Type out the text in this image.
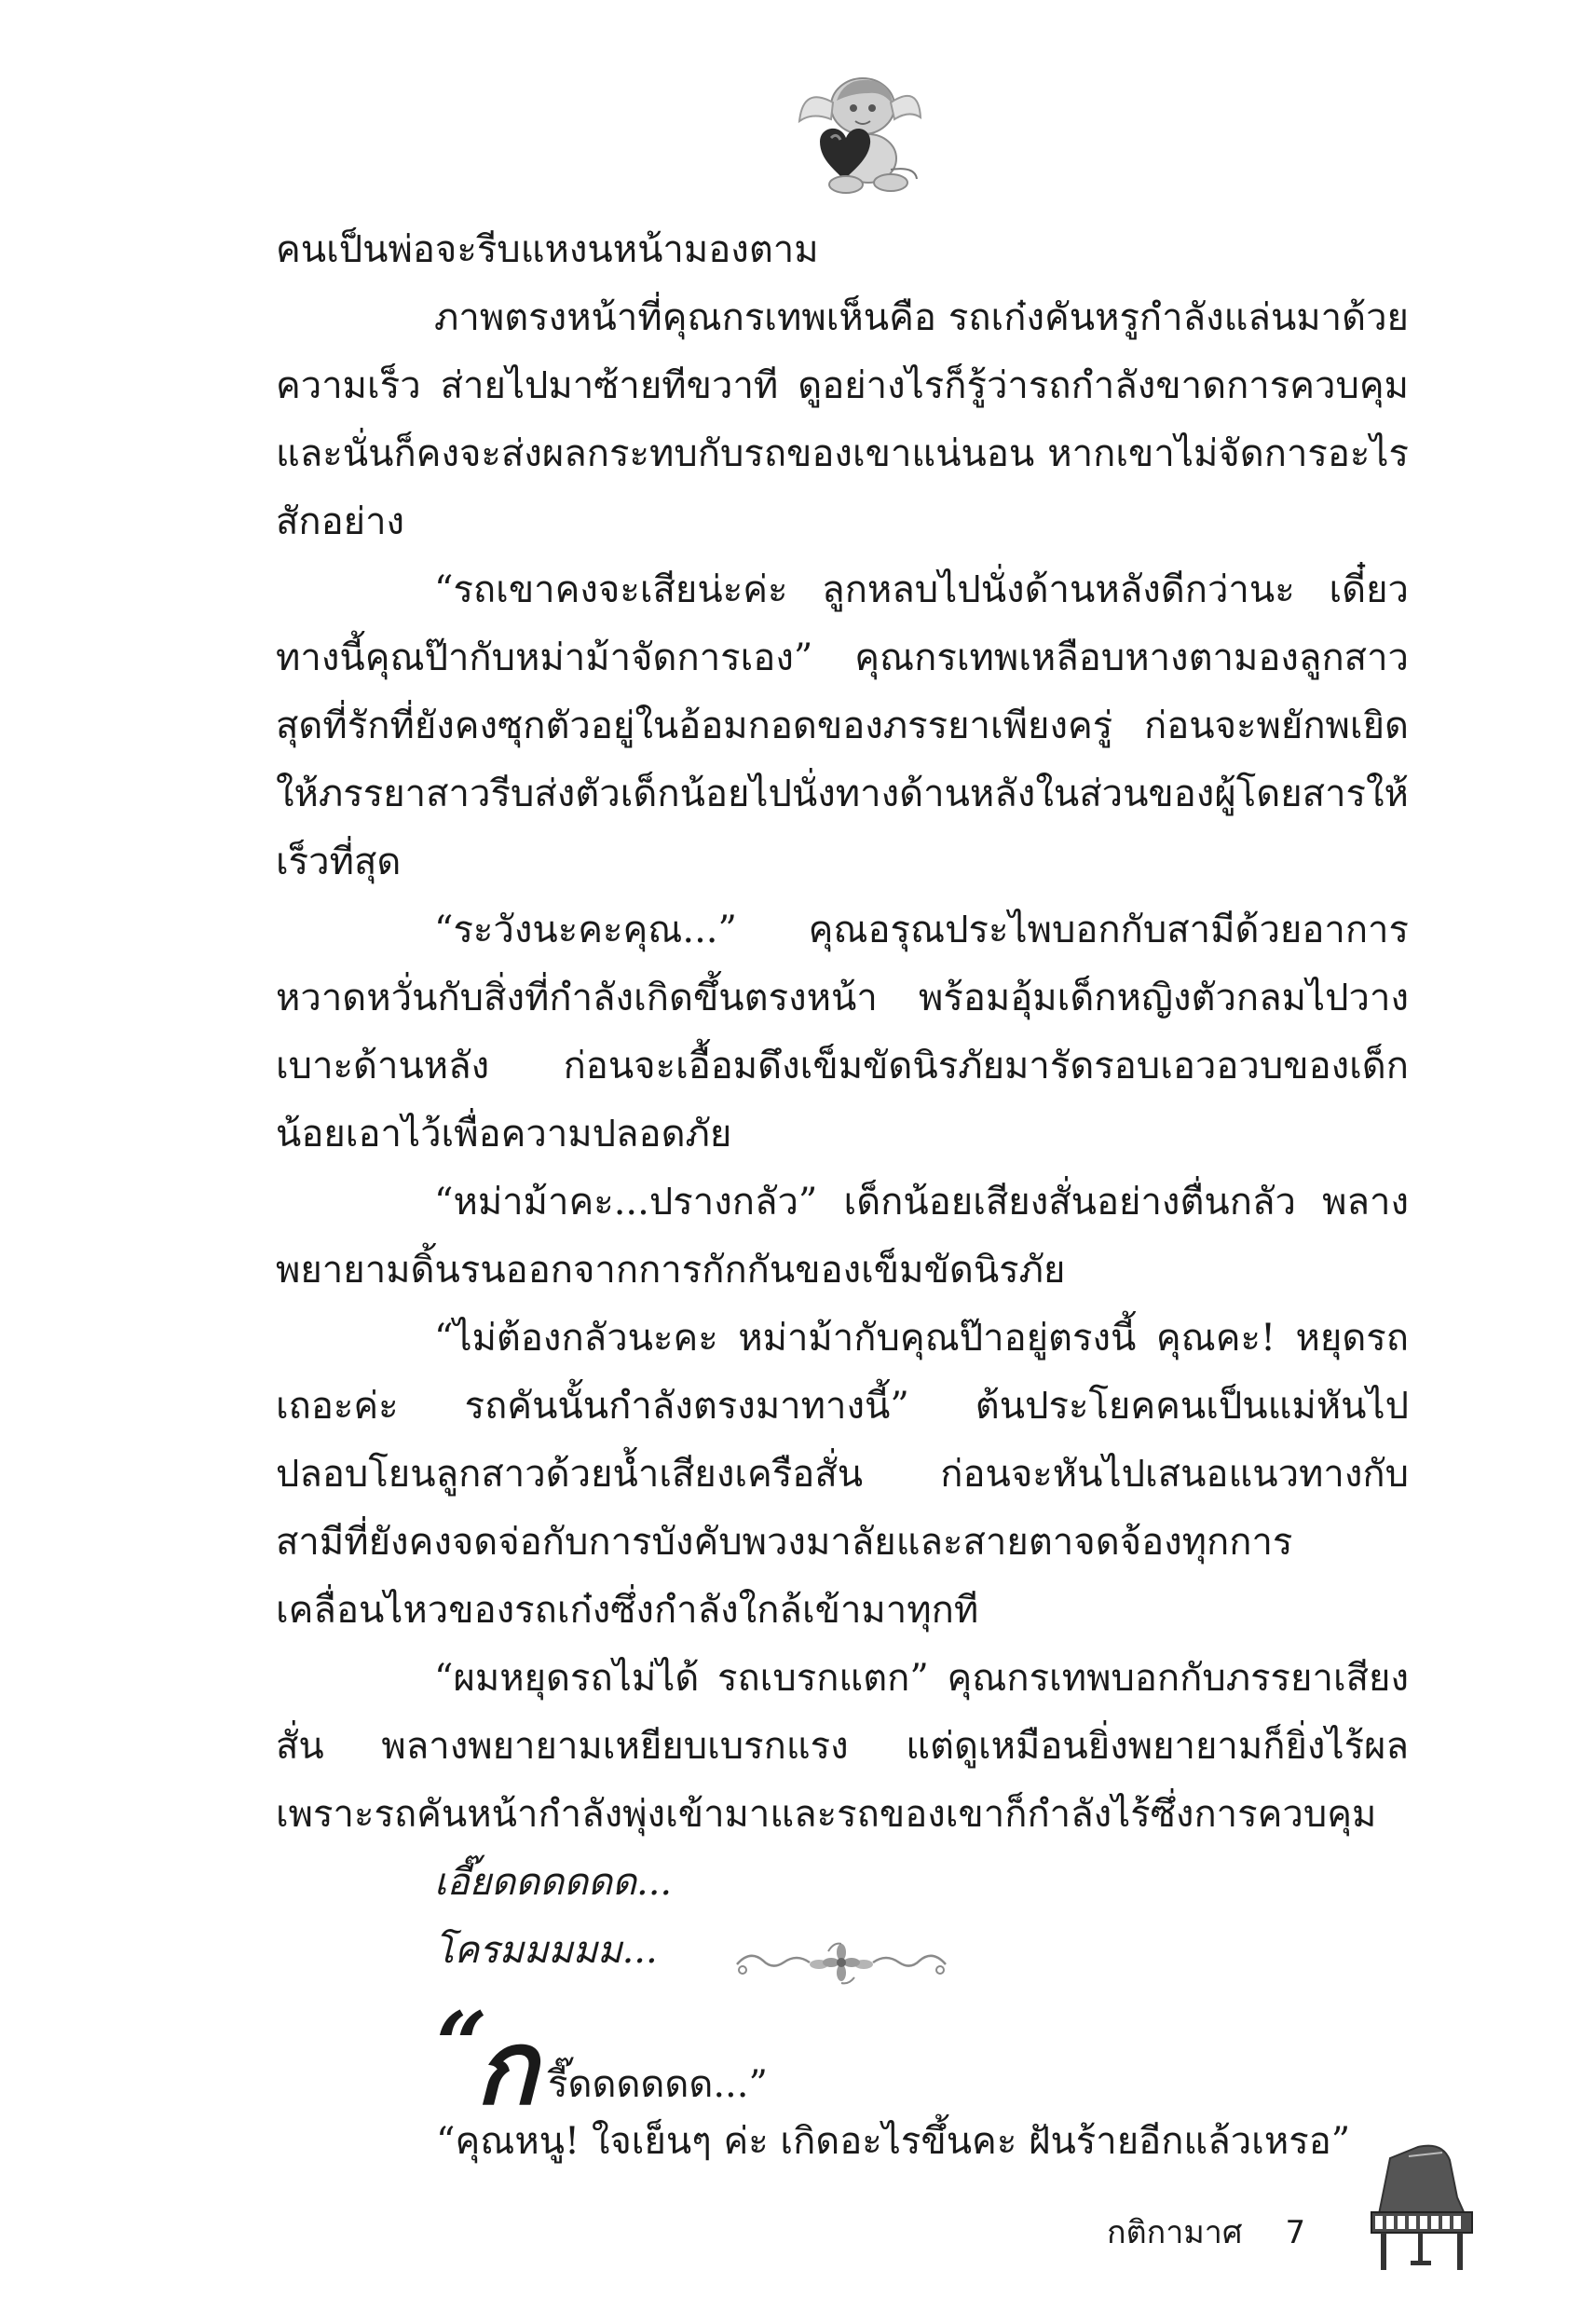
คนเป็นพ่อจะรีบแหงนหน้ามองตาม

ภาพตรงหน้าที่คุณกรเทพเห็นคือ รถเก๋งคันหรูกำลังแล่นมาด้วยความเร็ว ส่ายไปมาซ้ายทีขวาที ดูอย่างไรก็รู้ว่ารถกำลังขาดการควบคุม และนั่นก็คงจะส่งผลกระทบกับรถของเขาแน่นอน หากเขาไม่จัดการอะไรสักอย่าง

“รถเขาคงจะเสียน่ะค่ะ ลูกหลบไปนั่งด้านหลังดีกว่านะ เดี๋ยวทางนี้คุณป๊ากับหม่าม้าจัดการเอง” คุณกรเทพเหลือบหางตามองลูกสาวสุดที่รักที่ยังคงซุกตัวอยู่ในอ้อมกอดของภรรยาเพียงครู่ ก่อนจะพยักพเยิดให้ภรรยาสาวรีบส่งตัวเด็กน้อยไปนั่งทางด้านหลังในส่วนของผู้โดยสารให้เร็วที่สุด

“ระวังนะคะคุณ...” คุณอรุณประไพบอกกับสามีด้วยอาการหวาดหวั่นกับสิ่งที่กำลังเกิดขึ้นตรงหน้า พร้อมอุ้มเด็กหญิงตัวกลมไปวางเบาะด้านหลัง ก่อนจะเอื้อมดึงเข็มขัดนิรภัยมารัดรอบเอวอวบของเด็กน้อยเอาไว้เพื่อความปลอดภัย

“หม่าม้าคะ...ปรางกลัว” เด็กน้อยเสียงสั่นอย่างตื่นกลัว พลางพยายามดิ้นรนออกจากการกักกันของเข็มขัดนิรภัย

“ไม่ต้องกลัวนะคะ หม่าม้ากับคุณป๊าอยู่ตรงนี้ คุณคะ! หยุดรถเถอะค่ะ รถคันนั้นกำลังตรงมาทางนี้” ต้นประโยคคนเป็นแม่หันไปปลอบโยนลูกสาวด้วยน้ำเสียงเครือสั่น ก่อนจะหันไปเสนอแนวทางกับสามีที่ยังคงจดจ่อกับการบังคับพวงมาลัยและสายตาจดจ้องทุกการเคลื่อนไหวของรถเก๋งซึ่งกำลังใกล้เข้ามาทุกที

“ผมหยุดรถไม่ได้ รถเบรกแตก” คุณกรเทพบอกกับภรรยาเสียงสั่น พลางพยายามเหยียบเบรกแรง แต่ดูเหมือนยิ่งพยายามก็ยิ่งไร้ผลเพราะรถคันหน้ากำลังพุ่งเข้ามาและรถของเขาก็กำลังไร้ซึ่งการควบคุม

เอี๊ยดดดดดด...
โครมมมมม...
“
ก รี๊ดดดดดด...”
“คุณหนู! ใจเย็นๆ ค่ะ เกิดอะไรขึ้นคะ ฝันร้ายอีกแล้วเหรอ”
กติกามาศ 7
